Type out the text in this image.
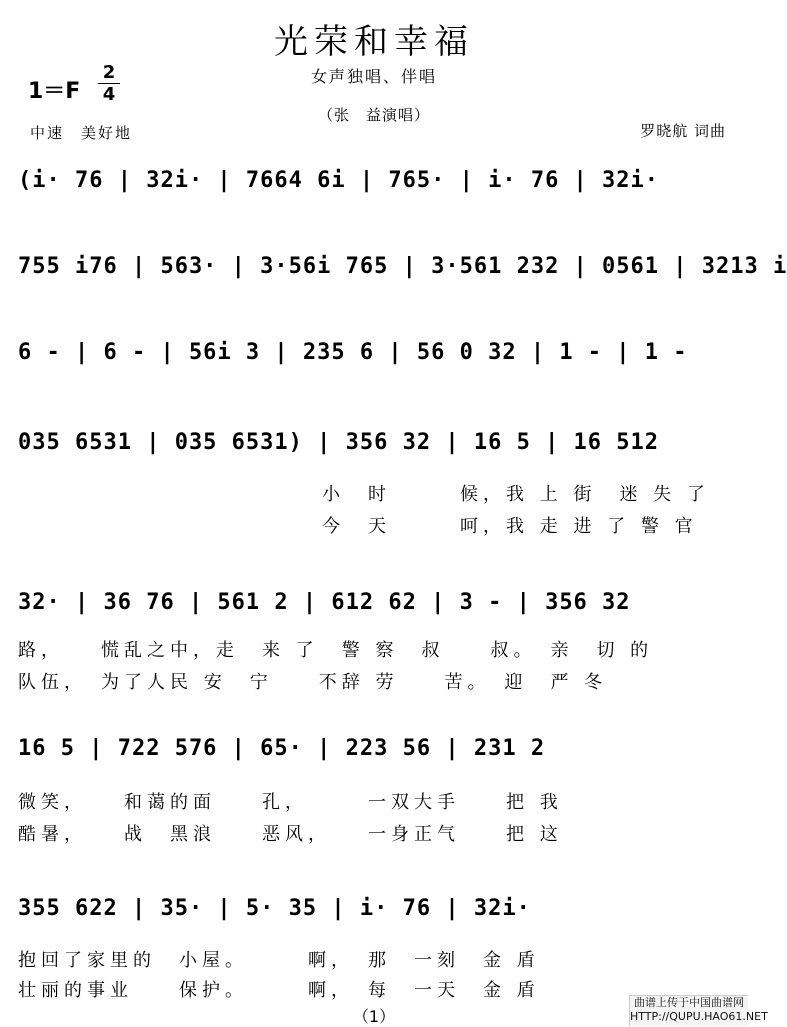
光荣和幸福
女声独唱、伴唱
（张　益演唱）
$1=F \frac{2}{4}$
中速　美好地	罗晓航 词曲
(i· 76 | 32i· | 7664 6i | 765· | i· 76 | 32i·
755 i76 | 563· | 3·56i 765 | 3·561 232 | 0561 | 3213 i
6 - | 6 - | 56i 3 | 235 6 | 56 0 32 | 1 - | 1 -
035 6531 | 035 6531) | 356 32 | 16 5 | 16 512
小　时　　　候，我 上 街　迷 失 了
今　天　　　呵，我 走 进 了 警 官
32· | 36 76 | 561 2 | 612 62 | 3 - | 356 32
路，　　慌乱之中，走　来 了　警 察　叔　　叔。　亲　切 的
队伍，　为了人民 安　宁　　不辞 劳　　苦。　迎　严 冬
16 5 | 722 576 | 65· | 223 56 | 231 2
微笑，　　和蔼的面　　孔，　　　一双大手　　把 我
酷暑，　　战　黑浪　　恶风，　　一身正气　　把 这
355 622 | 35· | 5· 35 | i· 76 | 32i·
抱回了家里的　小屋。　　　啊，　那　一刻　金 盾
壮丽的事业　　保护。　　　啊，　每　一天　金 盾
（1）
曲谱上传于中国曲谱网
HTTP://QUPU.HAO61.NET
